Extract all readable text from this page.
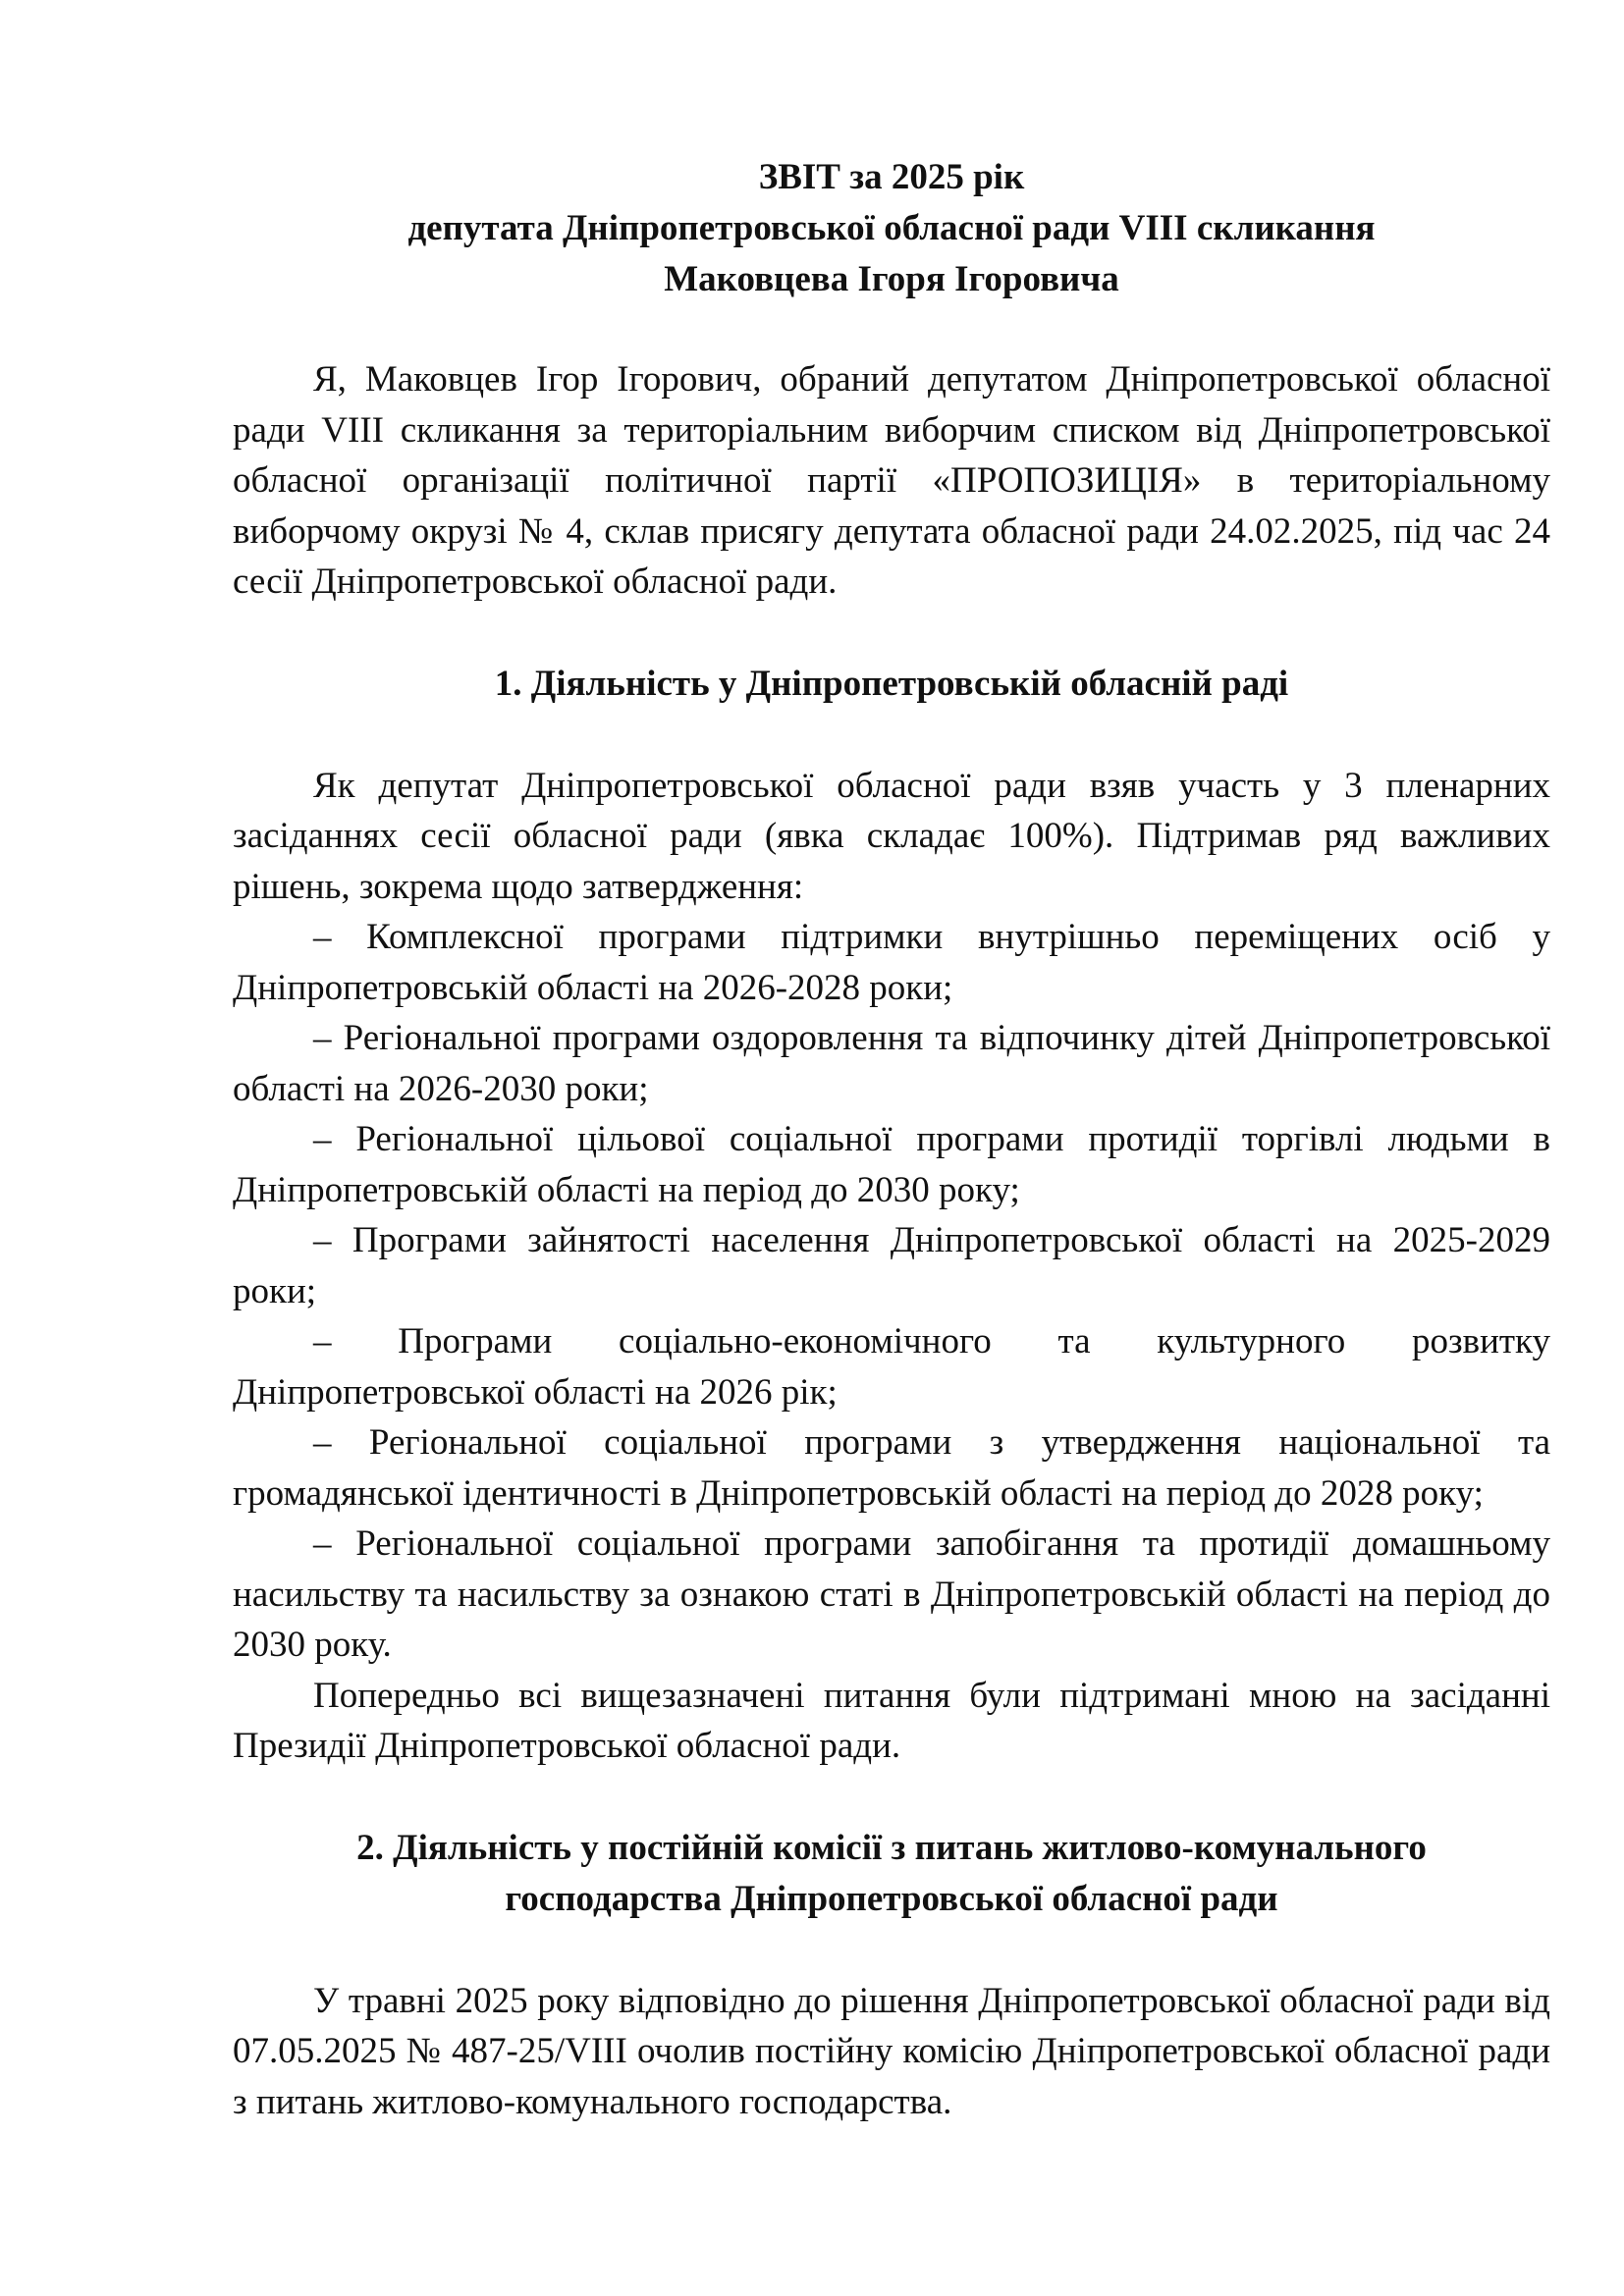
ЗВІТ за 2025 рік
депутата Дніпропетровської обласної ради VIII скликання
Маковцева Ігоря Ігоровича

Я, Маковцев Ігор Ігорович, обраний депутатом Дніпропетровської обласної ради VIII скликання за територіальним виборчим списком від Дніпропетровської обласної організації політичної партії «ПРОПОЗИЦІЯ» в територіальному виборчому окрузі № 4, склав присягу депутата обласної ради 24.02.2025, під час 24 сесії Дніпропетровської обласної ради.

1. Діяльність у Дніпропетровській обласній раді

Як депутат Дніпропетровської обласної ради взяв участь у 3 пленарних засіданнях сесії обласної ради (явка складає 100%). Підтримав ряд важливих рішень, зокрема щодо затвердження:

– Комплексної програми підтримки внутрішньо переміщених осіб у Дніпропетровській області на 2026-2028 роки;

– Регіональної програми оздоровлення та відпочинку дітей Дніпропетровської області на 2026-2030 роки;

– Регіональної цільової соціальної програми протидії торгівлі людьми в Дніпропетровській області на період до 2030 року;

– Програми зайнятості населення Дніпропетровської області на 2025-2029 роки;

– Програми соціально-економічного та культурного розвитку Дніпропетровської області на 2026 рік;

– Регіональної соціальної програми з утвердження національної та громадянської ідентичності в Дніпропетровській області на період до 2028 року;

– Регіональної соціальної програми запобігання та протидії домашньому насильству та насильству за ознакою статі в Дніпропетровській області на період до 2030 року.

Попередньо всі вищезазначені питання були підтримані мною на засіданні Президії Дніпропетровської обласної ради.

2. Діяльність у постійній комісії з питань житлово-комунального
господарства Дніпропетровської обласної ради

У травні 2025 року відповідно до рішення Дніпропетровської обласної ради від 07.05.2025 № 487-25/VIII очолив постійну комісію Дніпропетровської обласної ради з питань житлово-комунального господарства.
